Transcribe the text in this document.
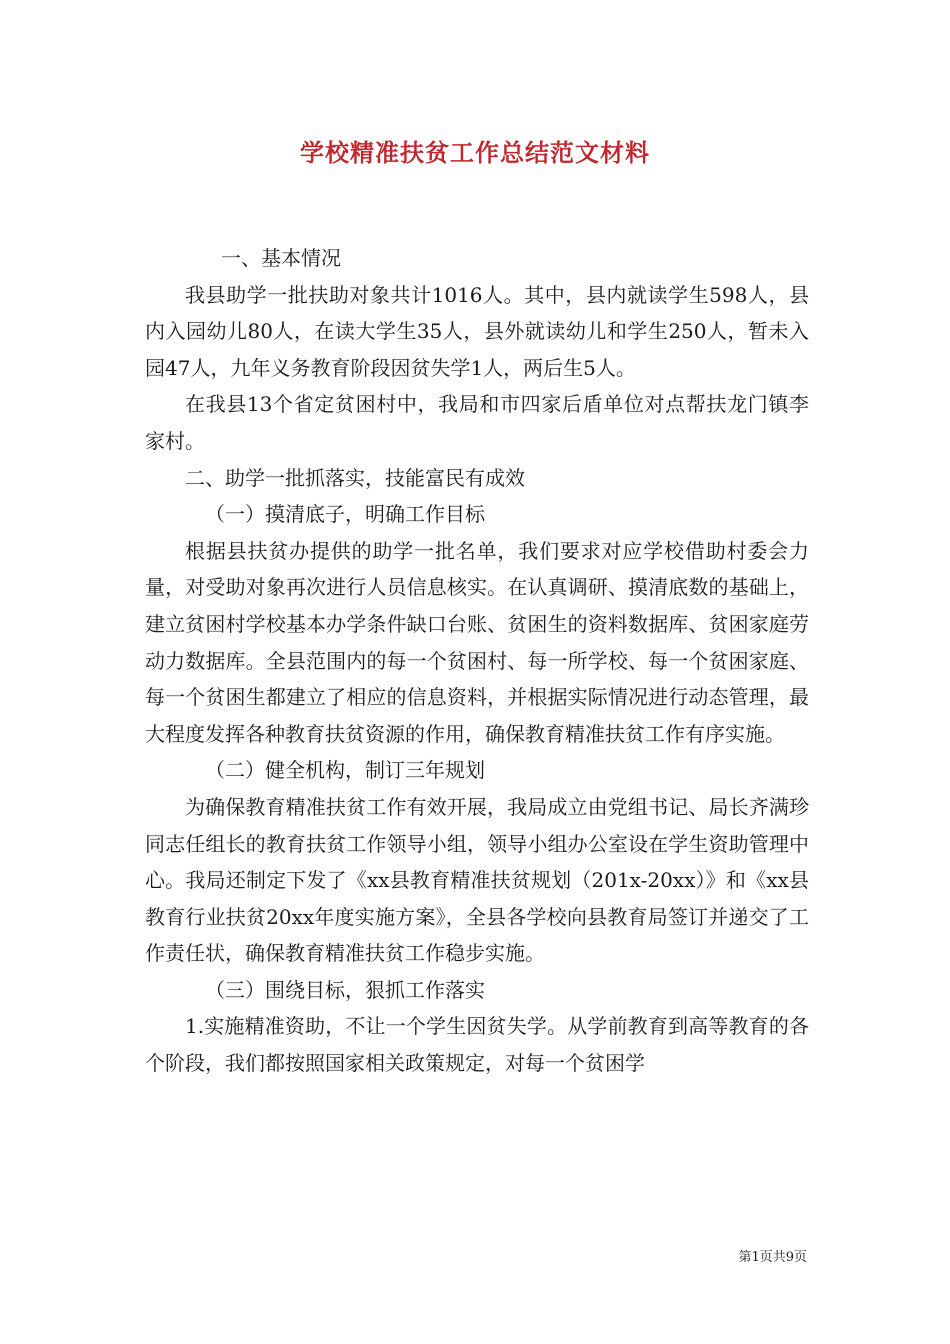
学校精准扶贫工作总结范文材料

一、基本情况

我县助学一批扶助对象共计1016人。其中，县内就读学生598人，县内入园幼儿80人，在读大学生35人，县外就读幼儿和学生250人，暂未入园47人，九年义务教育阶段因贫失学1人，两后生5人。

在我县13个省定贫困村中，我局和市四家后盾单位对点帮扶龙门镇李家村。

二、助学一批抓落实，技能富民有成效

（一）摸清底子，明确工作目标

根据县扶贫办提供的助学一批名单，我们要求对应学校借助村委会力量，对受助对象再次进行人员信息核实。在认真调研、摸清底数的基础上，建立贫困村学校基本办学条件缺口台账、贫困生的资料数据库、贫困家庭劳动力数据库。全县范围内的每一个贫困村、每一所学校、每一个贫困家庭、每一个贫困生都建立了相应的信息资料，并根据实际情况进行动态管理，最大程度发挥各种教育扶贫资源的作用，确保教育精准扶贫工作有序实施。

（二）健全机构，制订三年规划

为确保教育精准扶贫工作有效开展，我局成立由党组书记、局长齐满珍同志任组长的教育扶贫工作领导小组，领导小组办公室设在学生资助管理中心。我局还制定下发了《xx县教育精准扶贫规划（201x-20xx）》和《xx县教育行业扶贫20xx年度实施方案》，全县各学校向县教育局签订并递交了工作责任状，确保教育精准扶贫工作稳步实施。

（三）围绕目标，狠抓工作落实

1.实施精准资助，不让一个学生因贫失学。从学前教育到高等教育的各个阶段，我们都按照国家相关政策规定，对每一个贫困学

第1页共9页
